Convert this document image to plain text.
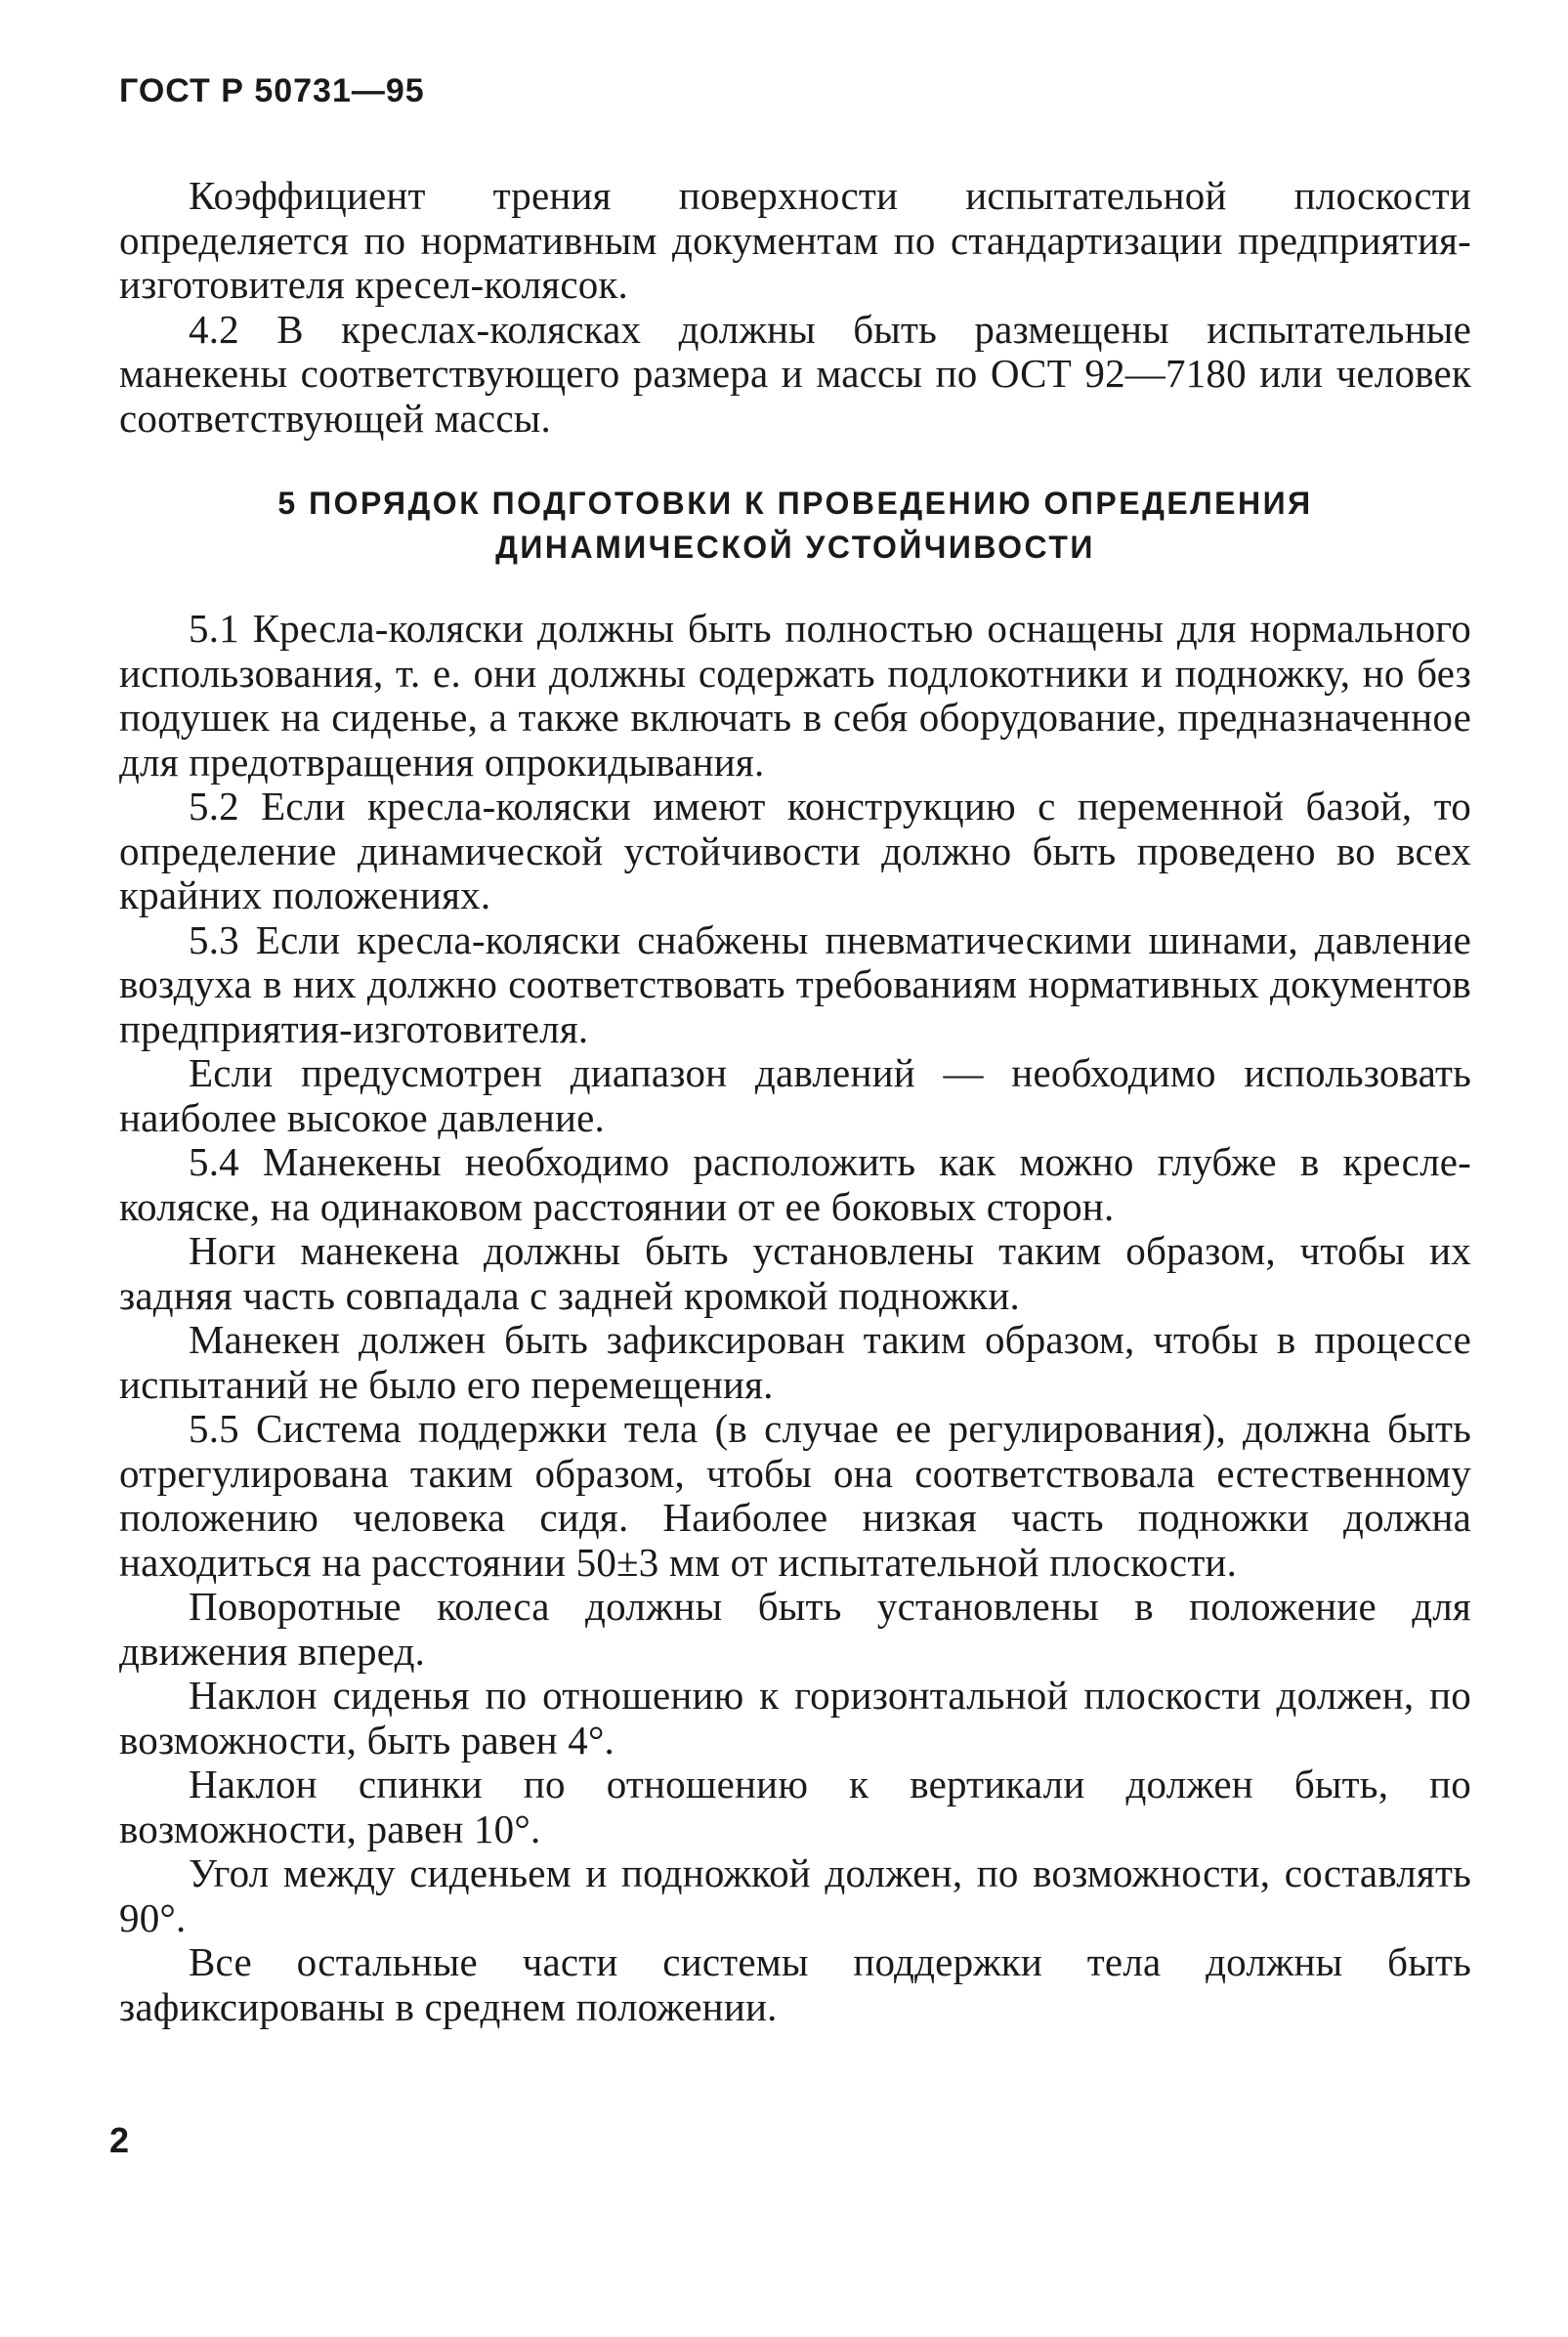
ГОСТ Р 50731—95

Коэффициент трения поверхности испытательной плоскости определяется по нормативным документам по стандартизации предприятия-изготовителя кресел-колясок.

4.2 В креслах-колясках должны быть размещены испытательные манекены соответствующего размера и массы по ОСТ 92—7180 или человек соответствующей массы.

5 ПОРЯДОК ПОДГОТОВКИ К ПРОВЕДЕНИЮ ОПРЕДЕЛЕНИЯ
ДИНАМИЧЕСКОЙ УСТОЙЧИВОСТИ

5.1 Кресла-коляски должны быть полностью оснащены для нормального использования, т. е. они должны содержать подлокотники и подножку, но без подушек на сиденье, а также включать в себя оборудование, предназначенное для предотвращения опрокидывания.

5.2 Если кресла-коляски имеют конструкцию с переменной базой, то определение динамической устойчивости должно быть проведено во всех крайних положениях.

5.3 Если кресла-коляски снабжены пневматическими шинами, давление воздуха в них должно соответствовать требованиям нормативных документов предприятия-изготовителя.

Если предусмотрен диапазон давлений — необходимо использовать наиболее высокое давление.

5.4 Манекены необходимо расположить как можно глубже в кресле-коляске, на одинаковом расстоянии от ее боковых сторон.

Ноги манекена должны быть установлены таким образом, чтобы их задняя часть совпадала с задней кромкой подножки.

Манекен должен быть зафиксирован таким образом, чтобы в процессе испытаний не было его перемещения.

5.5 Система поддержки тела (в случае ее регулирования), должна быть отрегулирована таким образом, чтобы она соответствовала естественному положению человека сидя. Наиболее низкая часть подножки должна находиться на расстоянии 50±3 мм от испытательной плоскости.

Поворотные колеса должны быть установлены в положение для движения вперед.

Наклон сиденья по отношению к горизонтальной плоскости должен, по возможности, быть равен 4°.

Наклон спинки по отношению к вертикали должен быть, по возможности, равен 10°.

Угол между сиденьем и подножкой должен, по возможности, составлять 90°.

Все остальные части системы поддержки тела должны быть зафиксированы в среднем положении.

2
